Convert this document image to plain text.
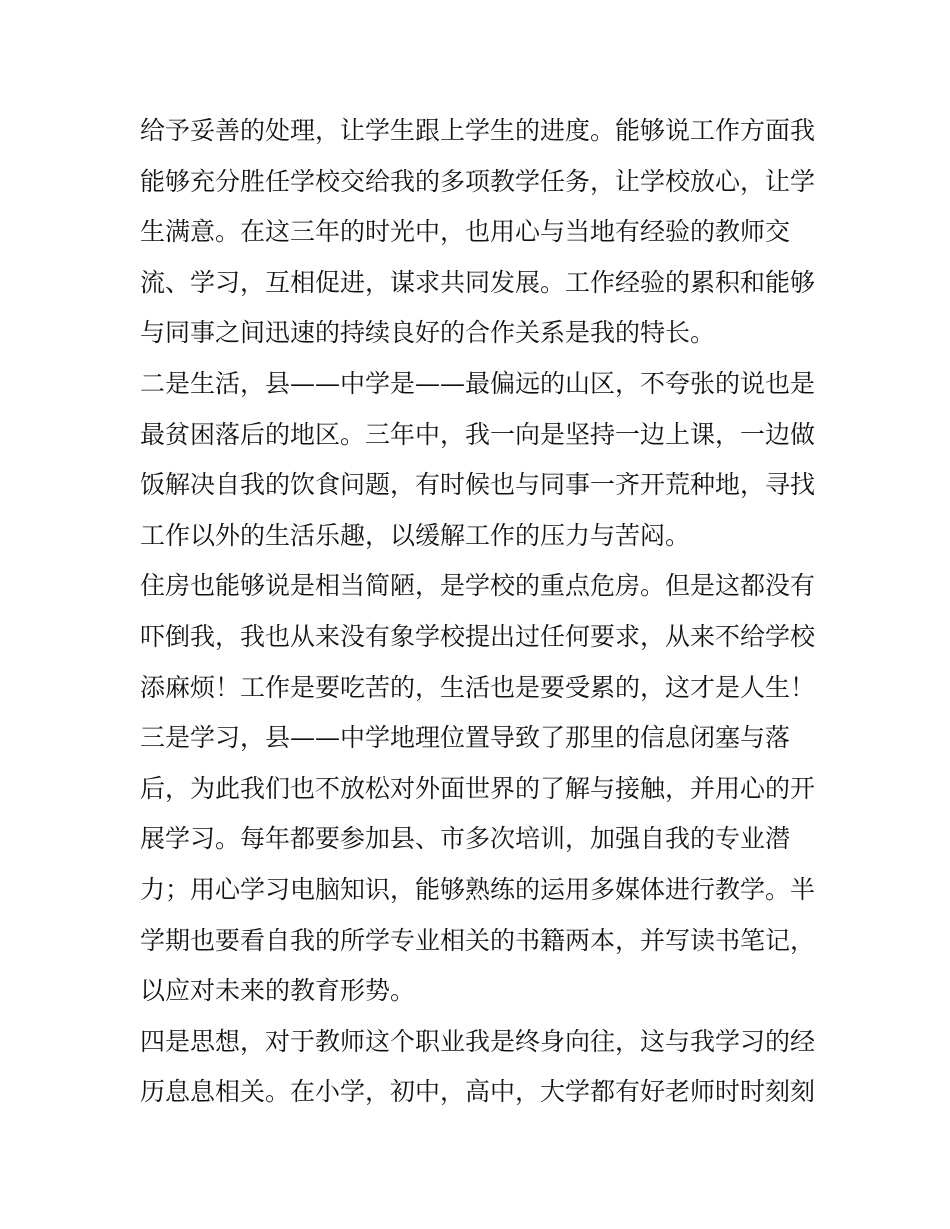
给予妥善的处理，让学生跟上学生的进度。能够说工作方面我
能够充分胜任学校交给我的多项教学任务，让学校放心，让学
生满意。在这三年的时光中，也用心与当地有经验的教师交
流、学习，互相促进，谋求共同发展。工作经验的累积和能够
与同事之间迅速的持续良好的合作关系是我的特长。
二是生活，县——中学是——最偏远的山区，不夸张的说也是
最贫困落后的地区。三年中，我一向是坚持一边上课，一边做
饭解决自我的饮食问题，有时候也与同事一齐开荒种地，寻找
工作以外的生活乐趣，以缓解工作的压力与苦闷。
住房也能够说是相当简陋，是学校的重点危房。但是这都没有
吓倒我，我也从来没有象学校提出过任何要求，从来不给学校
添麻烦！工作是要吃苦的，生活也是要受累的，这才是人生！
三是学习，县——中学地理位置导致了那里的信息闭塞与落
后，为此我们也不放松对外面世界的了解与接触，并用心的开
展学习。每年都要参加县、市多次培训，加强自我的专业潜
力；用心学习电脑知识，能够熟练的运用多媒体进行教学。半
学期也要看自我的所学专业相关的书籍两本，并写读书笔记，
以应对未来的教育形势。
四是思想，对于教师这个职业我是终身向往，这与我学习的经
历息息相关。在小学，初中，高中，大学都有好老师时时刻刻
